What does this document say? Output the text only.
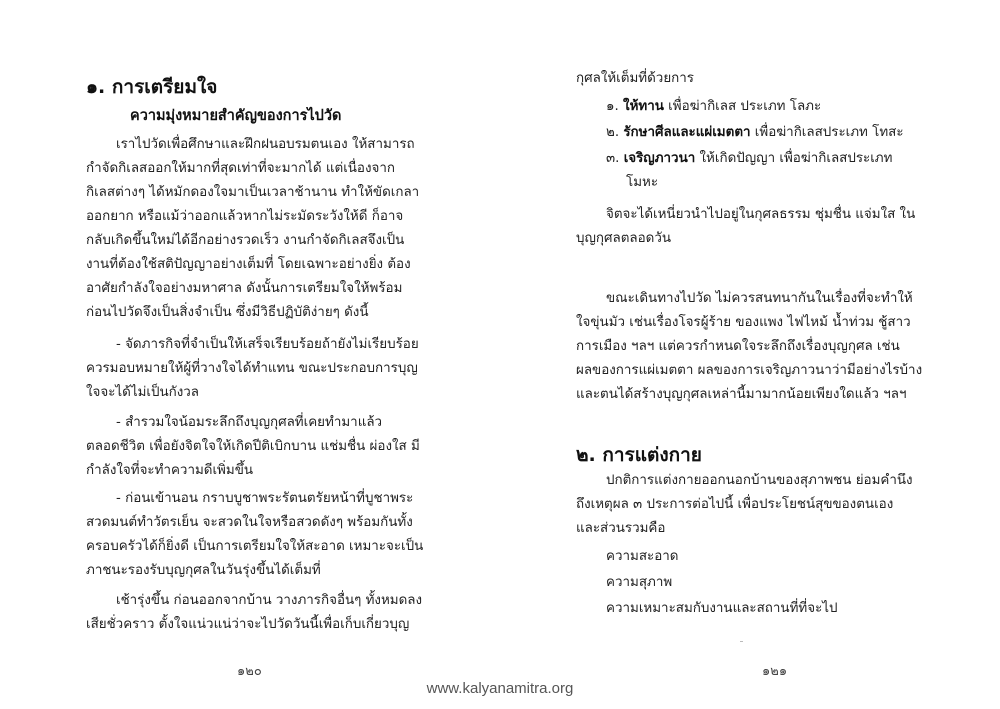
๑. การเตรียมใจ
ความมุ่งหมายสำคัญของการไปวัด
เราไปวัดเพื่อศึกษาและฝึกฝนอบรมตนเอง ให้สามารถ
กำจัดกิเลสออกให้มากที่สุดเท่าที่จะมากได้ แต่เนื่องจาก
กิเลสต่างๆ ได้หมักดองใจมาเป็นเวลาช้านาน ทำให้ขัดเกลา
ออกยาก หรือแม้ว่าออกแล้วหากไม่ระมัดระวังให้ดี ก็อาจ
กลับเกิดขึ้นใหม่ได้อีกอย่างรวดเร็ว งานกำจัดกิเลสจึงเป็น
งานที่ต้องใช้สติปัญญาอย่างเต็มที่ โดยเฉพาะอย่างยิ่ง ต้อง
อาศัยกำลังใจอย่างมหาศาล ดังนั้นการเตรียมใจให้พร้อม
ก่อนไปวัดจึงเป็นสิ่งจำเป็น ซึ่งมีวิธีปฏิบัติง่ายๆ ดังนี้
- จัดภารกิจที่จำเป็นให้เสร็จเรียบร้อยถ้ายังไม่เรียบร้อย
ควรมอบหมายให้ผู้ที่วางใจได้ทำแทน ขณะประกอบการบุญ
ใจจะได้ไม่เป็นกังวล
- สำรวมใจน้อมระลึกถึงบุญกุศลที่เคยทำมาแล้ว
ตลอดชีวิต เพื่อยังจิตใจให้เกิดปีติเบิกบาน แช่มชื่น ผ่องใส มี
กำลังใจที่จะทำความดีเพิ่มขึ้น
- ก่อนเข้านอน กราบบูชาพระรัตนตรัยหน้าที่บูชาพระ
สวดมนต์ทำวัตรเย็น จะสวดในใจหรือสวดดังๆ พร้อมกันทั้ง
ครอบครัวได้ก็ยิ่งดี เป็นการเตรียมใจให้สะอาด เหมาะจะเป็น
ภาชนะรองรับบุญกุศลในวันรุ่งขึ้นได้เต็มที่
เช้ารุ่งขึ้น ก่อนออกจากบ้าน วางภารกิจอื่นๆ ทั้งหมดลง
เสียชั่วคราว ตั้งใจแน่วแน่ว่าจะไปวัดวันนี้เพื่อเก็บเกี่ยวบุญ
๑๒๐
กุศลให้เต็มที่ด้วยการ
๑. ให้ทาน เพื่อฆ่ากิเลส ประเภท โลภะ
๒. รักษาศีลและแผ่เมตตา เพื่อฆ่ากิเลสประเภท โทสะ
๓. เจริญภาวนา ให้เกิดปัญญา เพื่อฆ่ากิเลสประเภท
โมหะ
จิตจะได้เหนี่ยวนำไปอยู่ในกุศลธรรม ชุ่มชื่น แจ่มใส ใน
บุญกุศลตลอดวัน
ขณะเดินทางไปวัด ไม่ควรสนทนากันในเรื่องที่จะทำให้
ใจขุ่นมัว เช่นเรื่องโจรผู้ร้าย ของแพง ไฟไหม้ น้ำท่วม ชู้สาว
การเมือง ฯลฯ แต่ควรกำหนดใจระลึกถึงเรื่องบุญกุศล เช่น
ผลของการแผ่เมตตา ผลของการเจริญภาวนาว่ามีอย่างไรบ้าง
และตนได้สร้างบุญกุศลเหล่านี้มามากน้อยเพียงใดแล้ว ฯลฯ
๒. การแต่งกาย
ปกติการแต่งกายออกนอกบ้านของสุภาพชน ย่อมคำนึง
ถึงเหตุผล ๓ ประการต่อไปนี้ เพื่อประโยชน์สุขของตนเอง
และส่วนรวมคือ
ความสะอาด
ความสุภาพ
ความเหมาะสมกับงานและสถานที่ที่จะไป
๑๒๑
www.kalyanamitra.org
